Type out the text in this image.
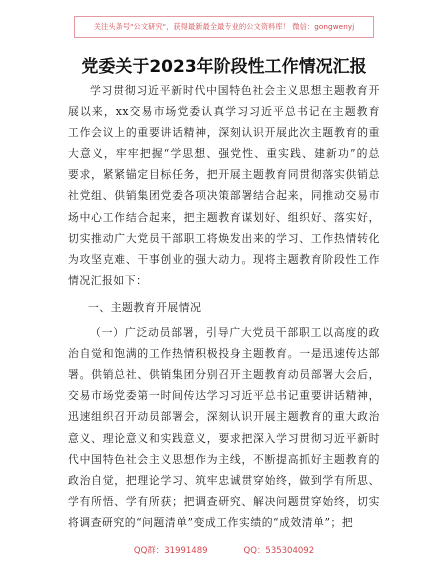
关注头条号"公文研究"，获得最新最全最专业的公文资料库！ 微信：gongwenyj
党委关于2023年阶段性工作情况汇报
学习贯彻习近平新时代中国特色社会主义思想主题教育开
展以来，xx交易市场党委认真学习习近平总书记在主题教育
工作会议上的重要讲话精神，深刻认识开展此次主题教育的重
大意义，牢牢把握“学思想、强党性、重实践、建新功”的总
要求，紧紧锚定目标任务，把开展主题教育同贯彻落实供销总
社党组、供销集团党委各项决策部署结合起来，同推动交易市
场中心工作结合起来，把主题教育谋划好、组织好、落实好，
切实推动广大党员干部职工将焕发出来的学习、工作热情转化
为攻坚克难、干事创业的强大动力。现将主题教育阶段性工作
情况汇报如下：
一、主题教育开展情况
（一）广泛动员部署，引导广大党员干部职工以高度的政
治自觉和饱满的工作热情积极投身主题教育。一是迅速传达部
署。供销总社、供销集团分别召开主题教育动员部署大会后，
交易市场党委第一时间传达学习习近平总书记重要讲话精神，
迅速组织召开动员部署会，深刻认识开展主题教育的重大政治
意义、理论意义和实践意义，要求把深入学习贯彻习近平新时
代中国特色社会主义思想作为主线，不断提高抓好主题教育的
政治自觉，把理论学习、筑牢忠诚贯穿始终，做到学有所思、
学有所悟、学有所获；把调查研究、解决问题贯穿始终，切实
将调查研究的“问题清单”变成工作实绩的“成效清单”；把
QQ群：31991489	QQ：535304092
